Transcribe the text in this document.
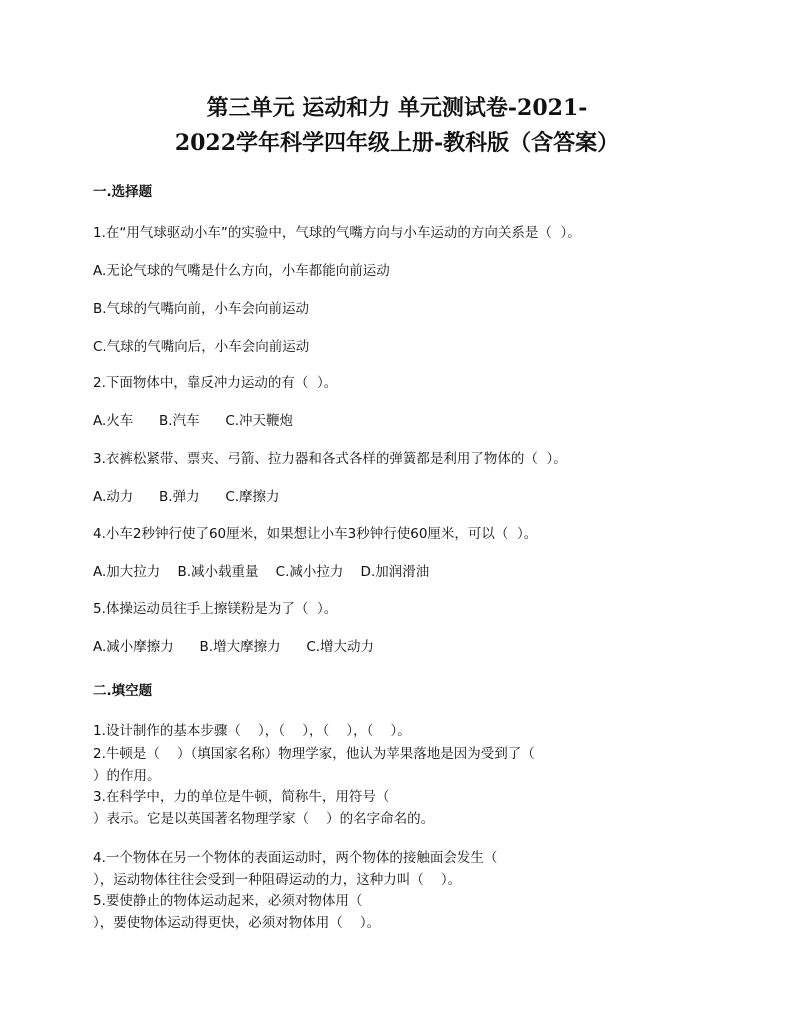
第三单元 运动和力 单元测试卷-2021-
2022学年科学四年级上册-教科版（含答案）
一.选择题
1.在“用气球驱动小车”的实验中，气球的气嘴方向与小车运动的方向关系是（  ）。
A.无论气球的气嘴是什么方向，小车都能向前运动
B.气球的气嘴向前，小车会向前运动
C.气球的气嘴向后，小车会向前运动
2.下面物体中，靠反冲力运动的有（  ）。
A.火车      B.汽车      C.冲天鞭炮
3.衣裤松紧带、票夹、弓箭、拉力器和各式各样的弹簧都是利用了物体的（  ）。
A.动力      B.弹力      C.摩擦力
4.小车2秒钟行使了60厘米，如果想让小车3秒钟行使60厘米，可以（  ）。
A.加大拉力    B.减小载重量    C.减小拉力    D.加润滑油
5.体操运动员往手上擦镁粉是为了（  ）。
A.减小摩擦力      B.增大摩擦力      C.增大动力
二.填空题
1.设计制作的基本步骤（    ），（    ），（    ），（    ）。
2.牛顿是（    ）（填国家名称）物理学家，他认为苹果落地是因为受到了（
）的作用。
3.在科学中，力的单位是牛顿，简称牛，用符号（
）表示。它是以英国著名物理学家（    ）的名字命名的。
4.一个物体在另一个物体的表面运动时，两个物体的接触面会发生（
），运动物体往往会受到一种阻碍运动的力，这种力叫（    ）。
5.要使静止的物体运动起来，必须对物体用（
），要使物体运动得更快，必须对物体用（    ）。
